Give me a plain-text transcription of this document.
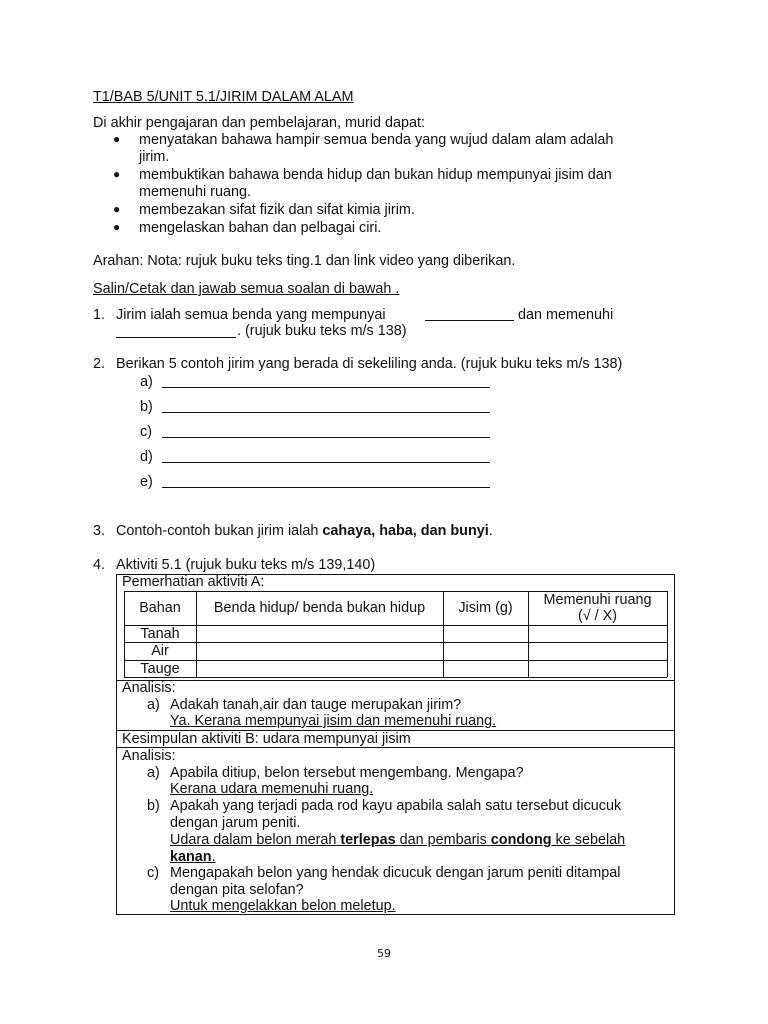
T1/BAB 5/UNIT 5.1/JIRIM DALAM ALAM
Di akhir pengajaran dan pembelajaran, murid dapat:
● menyatakan bahawa hampir semua benda yang wujud dalam alam adalah
jirim.
● membuktikan bahawa benda hidup dan bukan hidup mempunyai jisim dan
memenuhi ruang.
● membezakan sifat fizik dan sifat kimia jirim.
● mengelaskan bahan dan pelbagai ciri.
Arahan: Nota: rujuk buku teks ting.1 dan link video yang diberikan.
Salin/Cetak dan jawab semua soalan di bawah .
1. Jirim ialah semua benda yang mempunyai	dan memenuhi
. (rujuk buku teks m/s 138)
2. Berikan 5 contoh jirim yang berada di sekeliling anda. (rujuk buku teks m/s 138)
a)
b)
c)
d)
e)
3. Contoh-contoh bukan jirim ialah cahaya, haba, dan bunyi.
4. Aktiviti 5.1 (rujuk buku teks m/s 139,140)
Pemerhatian aktiviti A:
Bahan	Benda hidup/ benda bukan hidup	Jisim (g)	Memenuhi ruang
(√ / X)
Tanah
Air
Tauge
Analisis:
a) Adakah tanah,air dan tauge merupakan jirim?
Ya. Kerana mempunyai jisim dan memenuhi ruang.
Kesimpulan aktiviti B: udara mempunyai jisim
Analisis:
a) Apabila ditiup, belon tersebut mengembang. Mengapa?
Kerana udara memenuhi ruang.
b) Apakah yang terjadi pada rod kayu apabila salah satu tersebut dicucuk
dengan jarum peniti.
Udara dalam belon merah terlepas dan pembaris condong ke sebelah
kanan.
c) Mengapakah belon yang hendak dicucuk dengan jarum peniti ditampal
dengan pita selofan?
Untuk mengelakkan belon meletup.
59
